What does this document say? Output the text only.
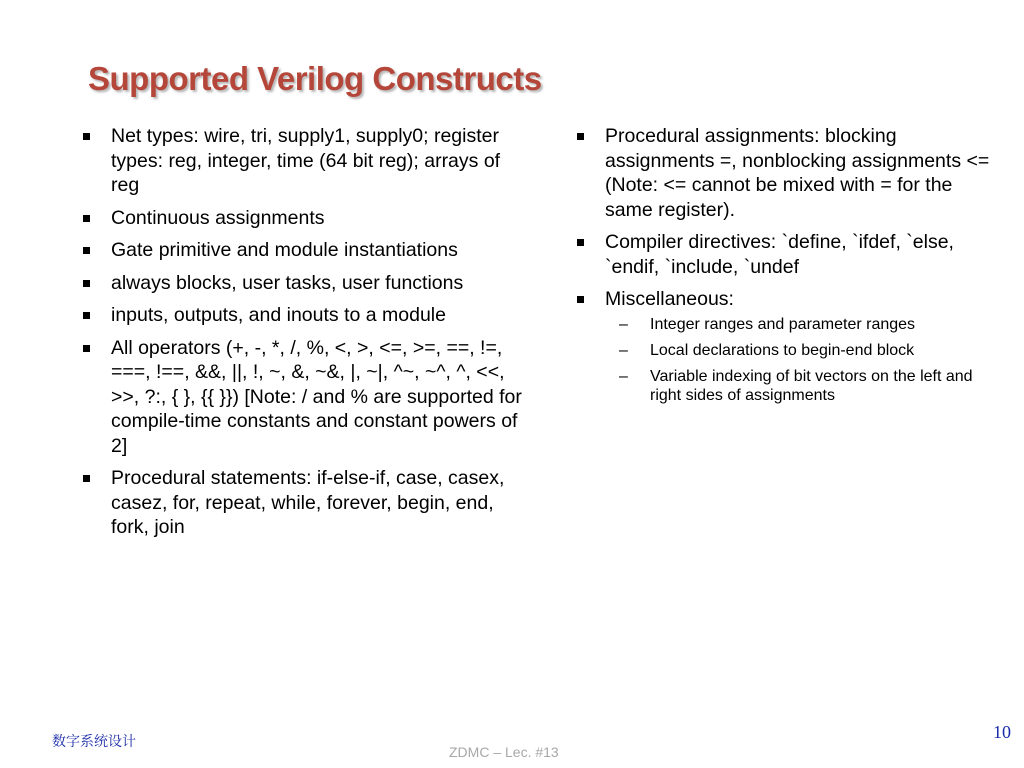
Supported Verilog Constructs
Net types: wire, tri, supply1, supply0; register types: reg, integer, time (64 bit reg); arrays of reg
Continuous assignments
Gate primitive and module instantiations
always blocks, user tasks, user functions
inputs, outputs, and inouts to a module
All operators (+, -, *, /, %, <, >, <=, >=, ==, !=, ===, !==, &&, ||, !, ~, &, ~&, |, ~|, ^~, ~^, ^, <<, >>, ?:, { }, {{ }}) [Note: / and % are supported for compile-time constants and constant powers of 2]
Procedural statements: if-else-if, case, casex, casez, for, repeat, while, forever, begin, end, fork, join
Procedural assignments: blocking assignments =, nonblocking assignments <= (Note: <= cannot be mixed with = for the same register).
Compiler directives: `define, `ifdef, `else, `endif, `include, `undef
Miscellaneous:
– Integer ranges and parameter ranges
– Local declarations to begin-end block
– Variable indexing of bit vectors on the left and right sides of assignments
数字系统设计
ZDMC – Lec. #13
10
